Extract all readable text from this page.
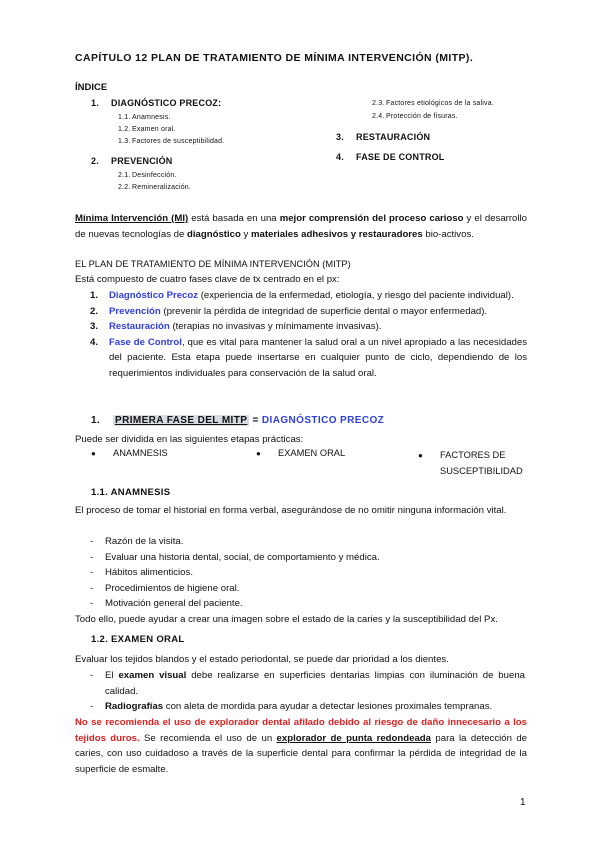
CAPÍTULO 12 PLAN DE TRATAMIENTO DE MÍNIMA INTERVENCIÓN (MITP).
ÍNDICE
1. DIAGNÓSTICO PRECOZ:
1.1. Anamnesis.
1.2. Examen oral.
1.3. Factores de susceptibilidad.
2. PREVENCIÓN
2.1. Desinfección.
2.2. Remineralización.
2.3. Factores etiológicos de la saliva.
2.4. Protección de fisuras.
3. RESTAURACIÓN
4. FASE DE CONTROL

Mínima Intervención (MI) está basada en una mejor comprensión del proceso carioso y el desarrollo de nuevas tecnologías de diagnóstico y materiales adhesivos y restauradores bio-activos.

EL PLAN DE TRATAMIENTO DE MÍNIMA INTERVENCIÓN (MITP)

Está compuesto de cuatro fases clave de tx centrado en el px:

1. Diagnóstico Precoz (experiencia de la enfermedad, etiología, y riesgo del paciente individual).
2. Prevención (prevenir la pérdida de integridad de superficie dental o mayor enfermedad).
3. Restauración (terapias no invasivas y mínimamente invasivas).
4. Fase de Control, que es vital para mantener la salud oral a un nivel apropiado a las necesidades del paciente. Esta etapa puede insertarse en cualquier punto de ciclo, dependiendo de los requerimientos individuales para conservación de la salud oral.
1. PRIMERA FASE DEL MITP = DIAGNÓSTICO PRECOZ

Puede ser dividida en las siguientes etapas prácticas:

● ANAMNESIS	● EXAMEN ORAL	● FACTORES DE
SUSCEPTIBILIDAD
1.1. ANAMNESIS

El proceso de tomar el historial en forma verbal, asegurándose de no omitir ninguna información vital.

- Razón de la visita.
- Evaluar una historia dental, social, de comportamiento y médica.
- Hábitos alimenticios.
- Procedimientos de higiene oral.
- Motivación general del paciente.

Todo ello, puede ayudar a crear una imagen sobre el estado de la caries y la susceptibilidad del Px.

1.2. EXAMEN ORAL

Evaluar los tejidos blandos y el estado periodontal, se puede dar prioridad a los dientes.

- El examen visual debe realizarse en superficies dentarias limpias con iluminación de buena calidad.
- Radiografías con aleta de mordida para ayudar a detectar lesiones proximales tempranas.

No se recomienda el uso de explorador dental afilado debido al riesgo de daño innecesario a los tejidos duros. Se recomienda el uso de un explorador de punta redondeada para la detección de caries, con uso cuidadoso a través de la superficie dental para confirmar la pérdida de integridad de la superficie de esmalte.

1
